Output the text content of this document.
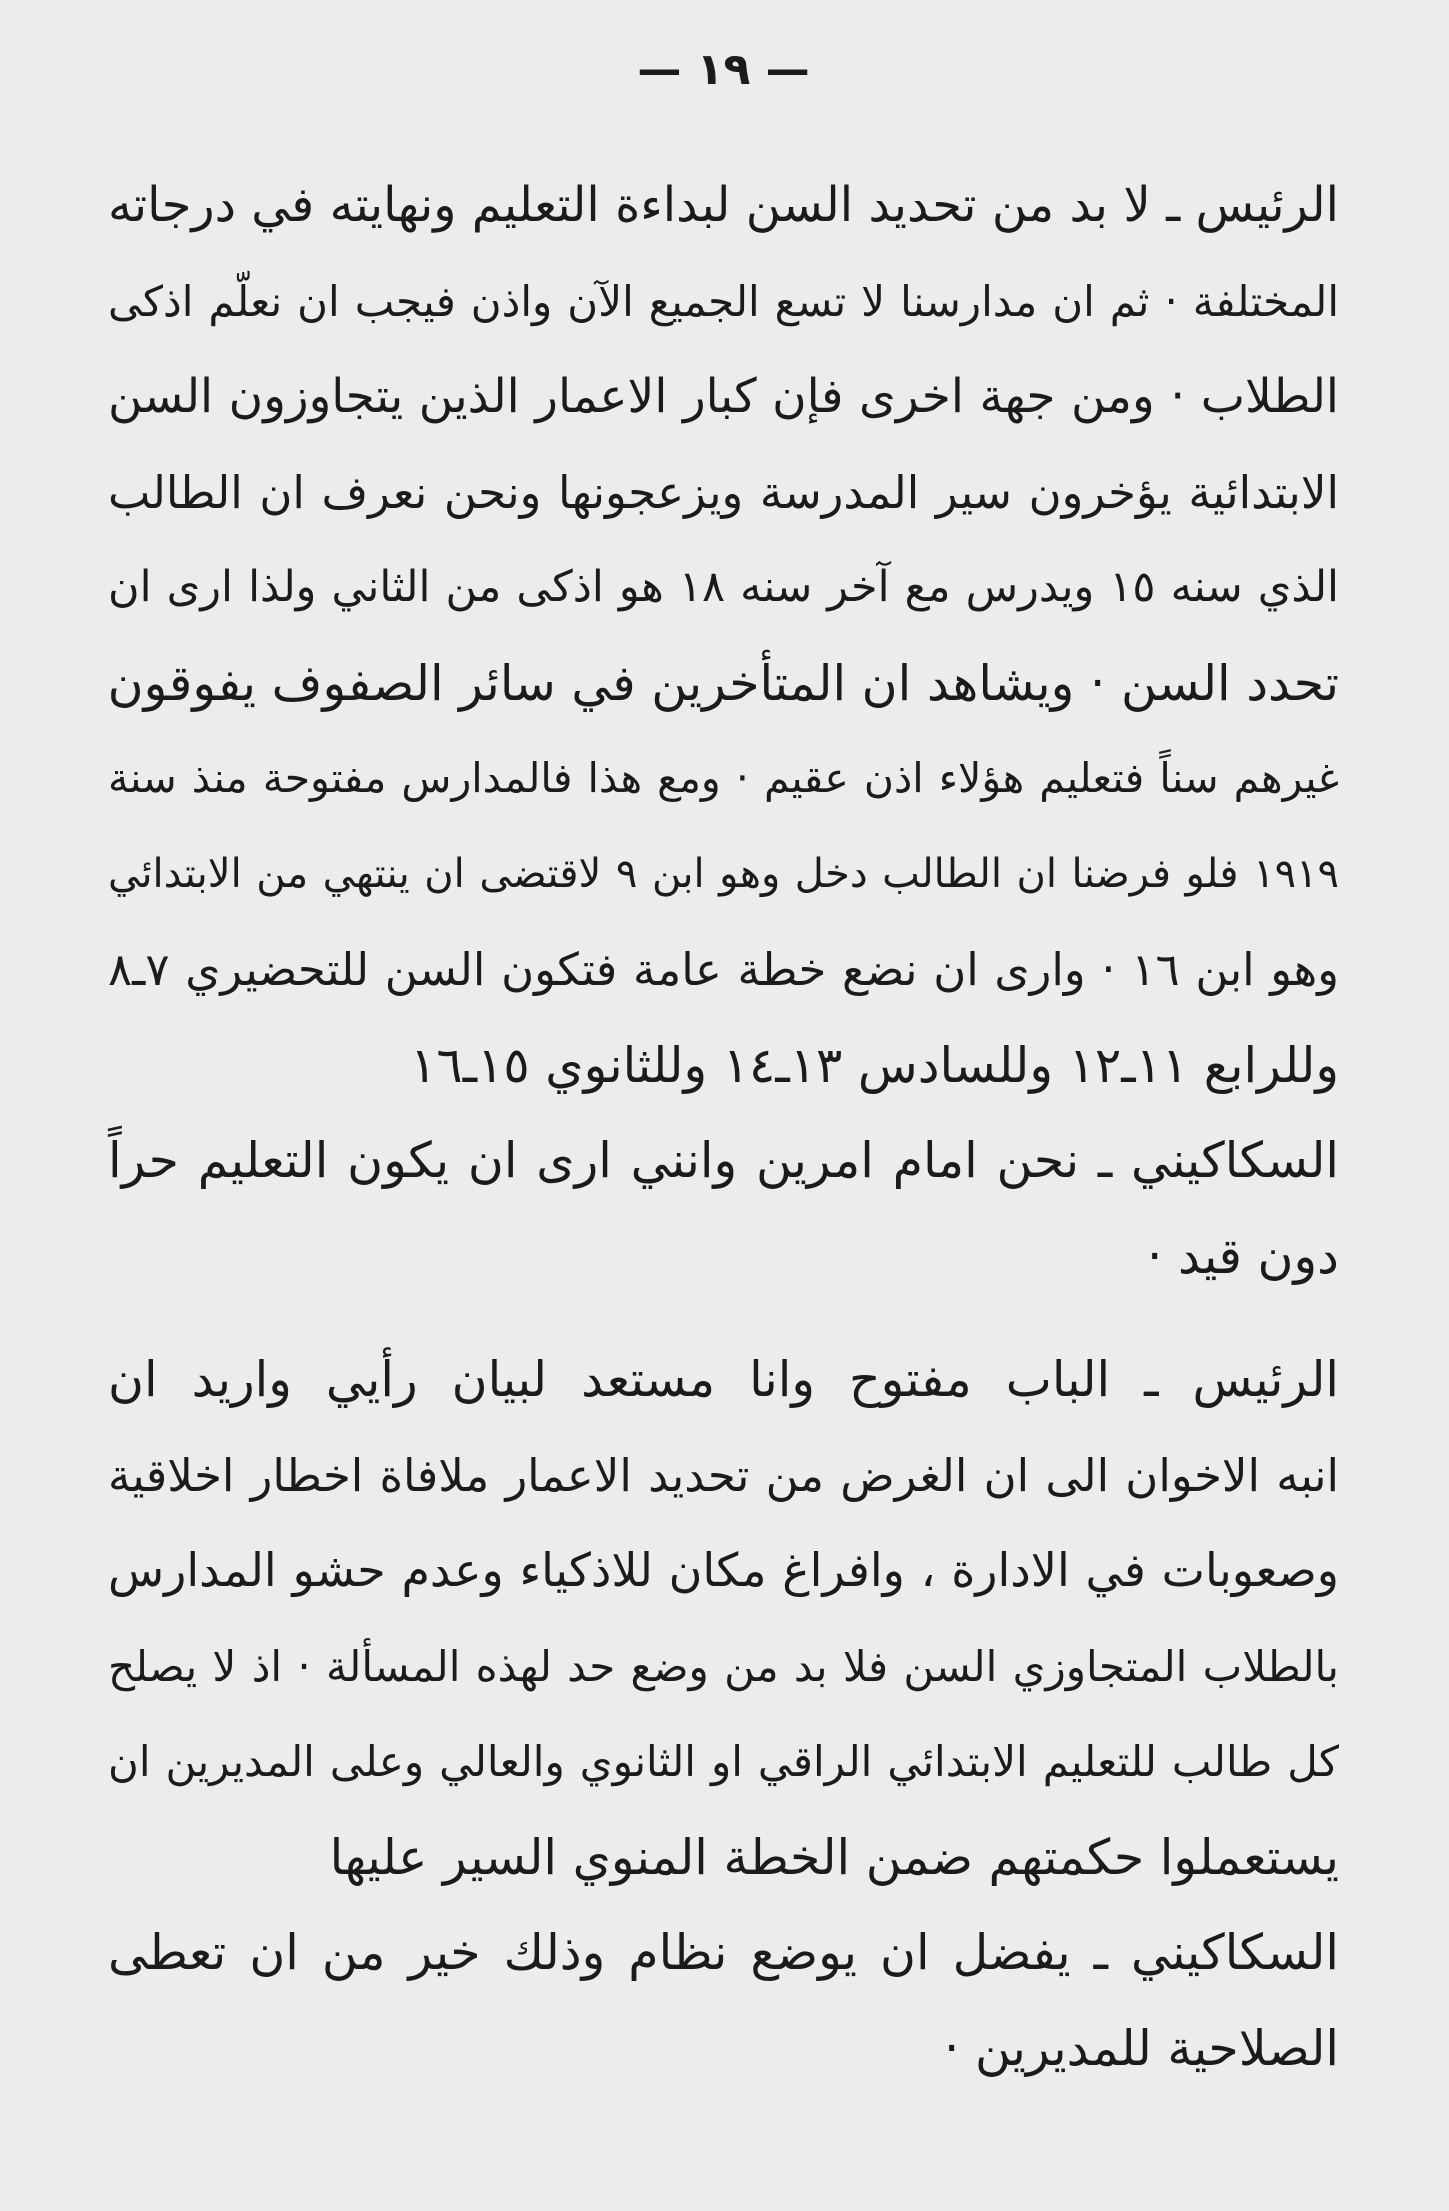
— ١٩ —
الرئيس ـ لا بد من تحديد السن لبداءة التعليم ونهايته في درجاته
المختلفة · ثم ان مدارسنا لا تسع الجميع الآن واذن فيجب ان نعلّم اذكى
الطلاب · ومن جهة اخرى فإن كبار الاعمار الذين يتجاوزون السن
الابتدائية يؤخرون سير المدرسة ويزعجونها ونحن نعرف ان الطالب
الذي سنه ١٥ ويدرس مع آخر سنه ١٨ هو اذكى من الثاني ولذا ارى ان
تحدد السن · ويشاهد ان المتأخرين في سائر الصفوف يفوقون
غيرهم سناً فتعليم هؤلاء اذن عقيم · ومع هذا فالمدارس مفتوحة منذ سنة
١٩١٩ فلو فرضنا ان الطالب دخل وهو ابن ٩ لاقتضى ان ينتهي من الابتدائي
وهو ابن ١٦ · وارى ان نضع خطة عامة فتكون السن للتحضيري ٧ـ٨
وللرابع ١١ـ١٢ وللسادس ١٣ـ١٤ وللثانوي ١٥ـ١٦
السكاكيني ـ نحن امام امرين وانني ارى ان يكون التعليم حراً
دون قيد ·
الرئيس ـ الباب مفتوح وانا مستعد لبيان رأيي واريد ان
انبه الاخوان الى ان الغرض من تحديد الاعمار ملافاة اخطار اخلاقية
وصعوبات في الادارة ، وافراغ مكان للاذكياء وعدم حشو المدارس
بالطلاب المتجاوزي السن فلا بد من وضع حد لهذه المسألة · اذ لا يصلح
كل طالب للتعليم الابتدائي الراقي او الثانوي والعالي وعلى المديرين ان
يستعملوا حكمتهم ضمن الخطة المنوي السير عليها
السكاكيني ـ يفضل ان يوضع نظام وذلك خير من ان تعطى
الصلاحية للمديرين ·
